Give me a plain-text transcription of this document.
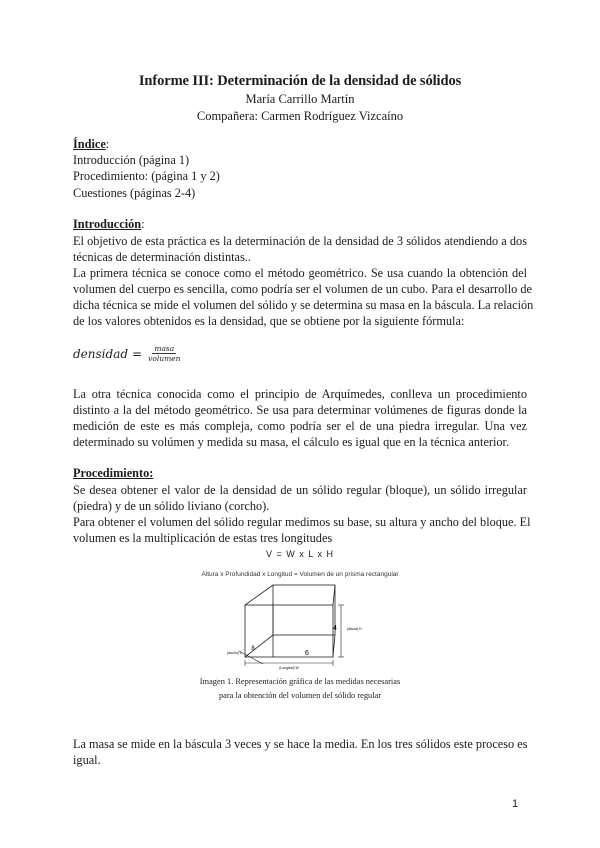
Informe III: Determinación de la densidad de sólidos
María Carrillo Martín
Compañera: Carmen Rodríguez Vizcaíno
Índice:
Introducción (página 1)
Procedimiento: (página 1 y 2)
Cuestiones (páginas 2-4)
Introducción:
El objetivo de esta práctica es la determinación de la densidad de 3 sólidos atendiendo a dos
técnicas de determinación distintas..
La primera técnica se conoce como el método geométrico. Se usa cuando la obtención del
volumen del cuerpo es sencilla, como podría ser el volumen de un cubo. Para el desarrollo de
dicha técnica se mide el volumen del sólido y se determina su masa en la báscula. La relación
de los valores obtenidos es la densidad, que se obtiene por la siguiente fórmula:
densidad = $\frac{\text{masa}}{\text{volumen}}$
La otra técnica conocida como el principio de Arquímedes, conlleva un procedimiento
distinto a la del método geométrico. Se usa para determinar volúmenes de figuras donde la
medición de este es más compleja, como podría ser el de una piedra irregular. Una vez
determinado su volúmen y medida su masa, el cálculo es igual que en la técnica anterior.
Procedimiento:
Se desea obtener el valor de la densidad de un sólido regular (bloque), un sólido irregular
(piedra) y de un sólido liviano (corcho).
Para obtener el volumen del sólido regular medimos su base, su altura y ancho del bloque. El
volumen es la multiplicación de estas tres longitudes
V = W x L x H
Altura x Profundidad x Longitud = Volumen de un prisma rectangular
4	(Altura) H
6
(Longitud) W
8
(Ancho) L
Imagen 1. Representación gráfica de las medidas necesarias
para la obtención del volumen del sólido regular
La masa se mide en la báscula 3 veces y se hace la media. En los tres sólidos este proceso es
igual.
1
